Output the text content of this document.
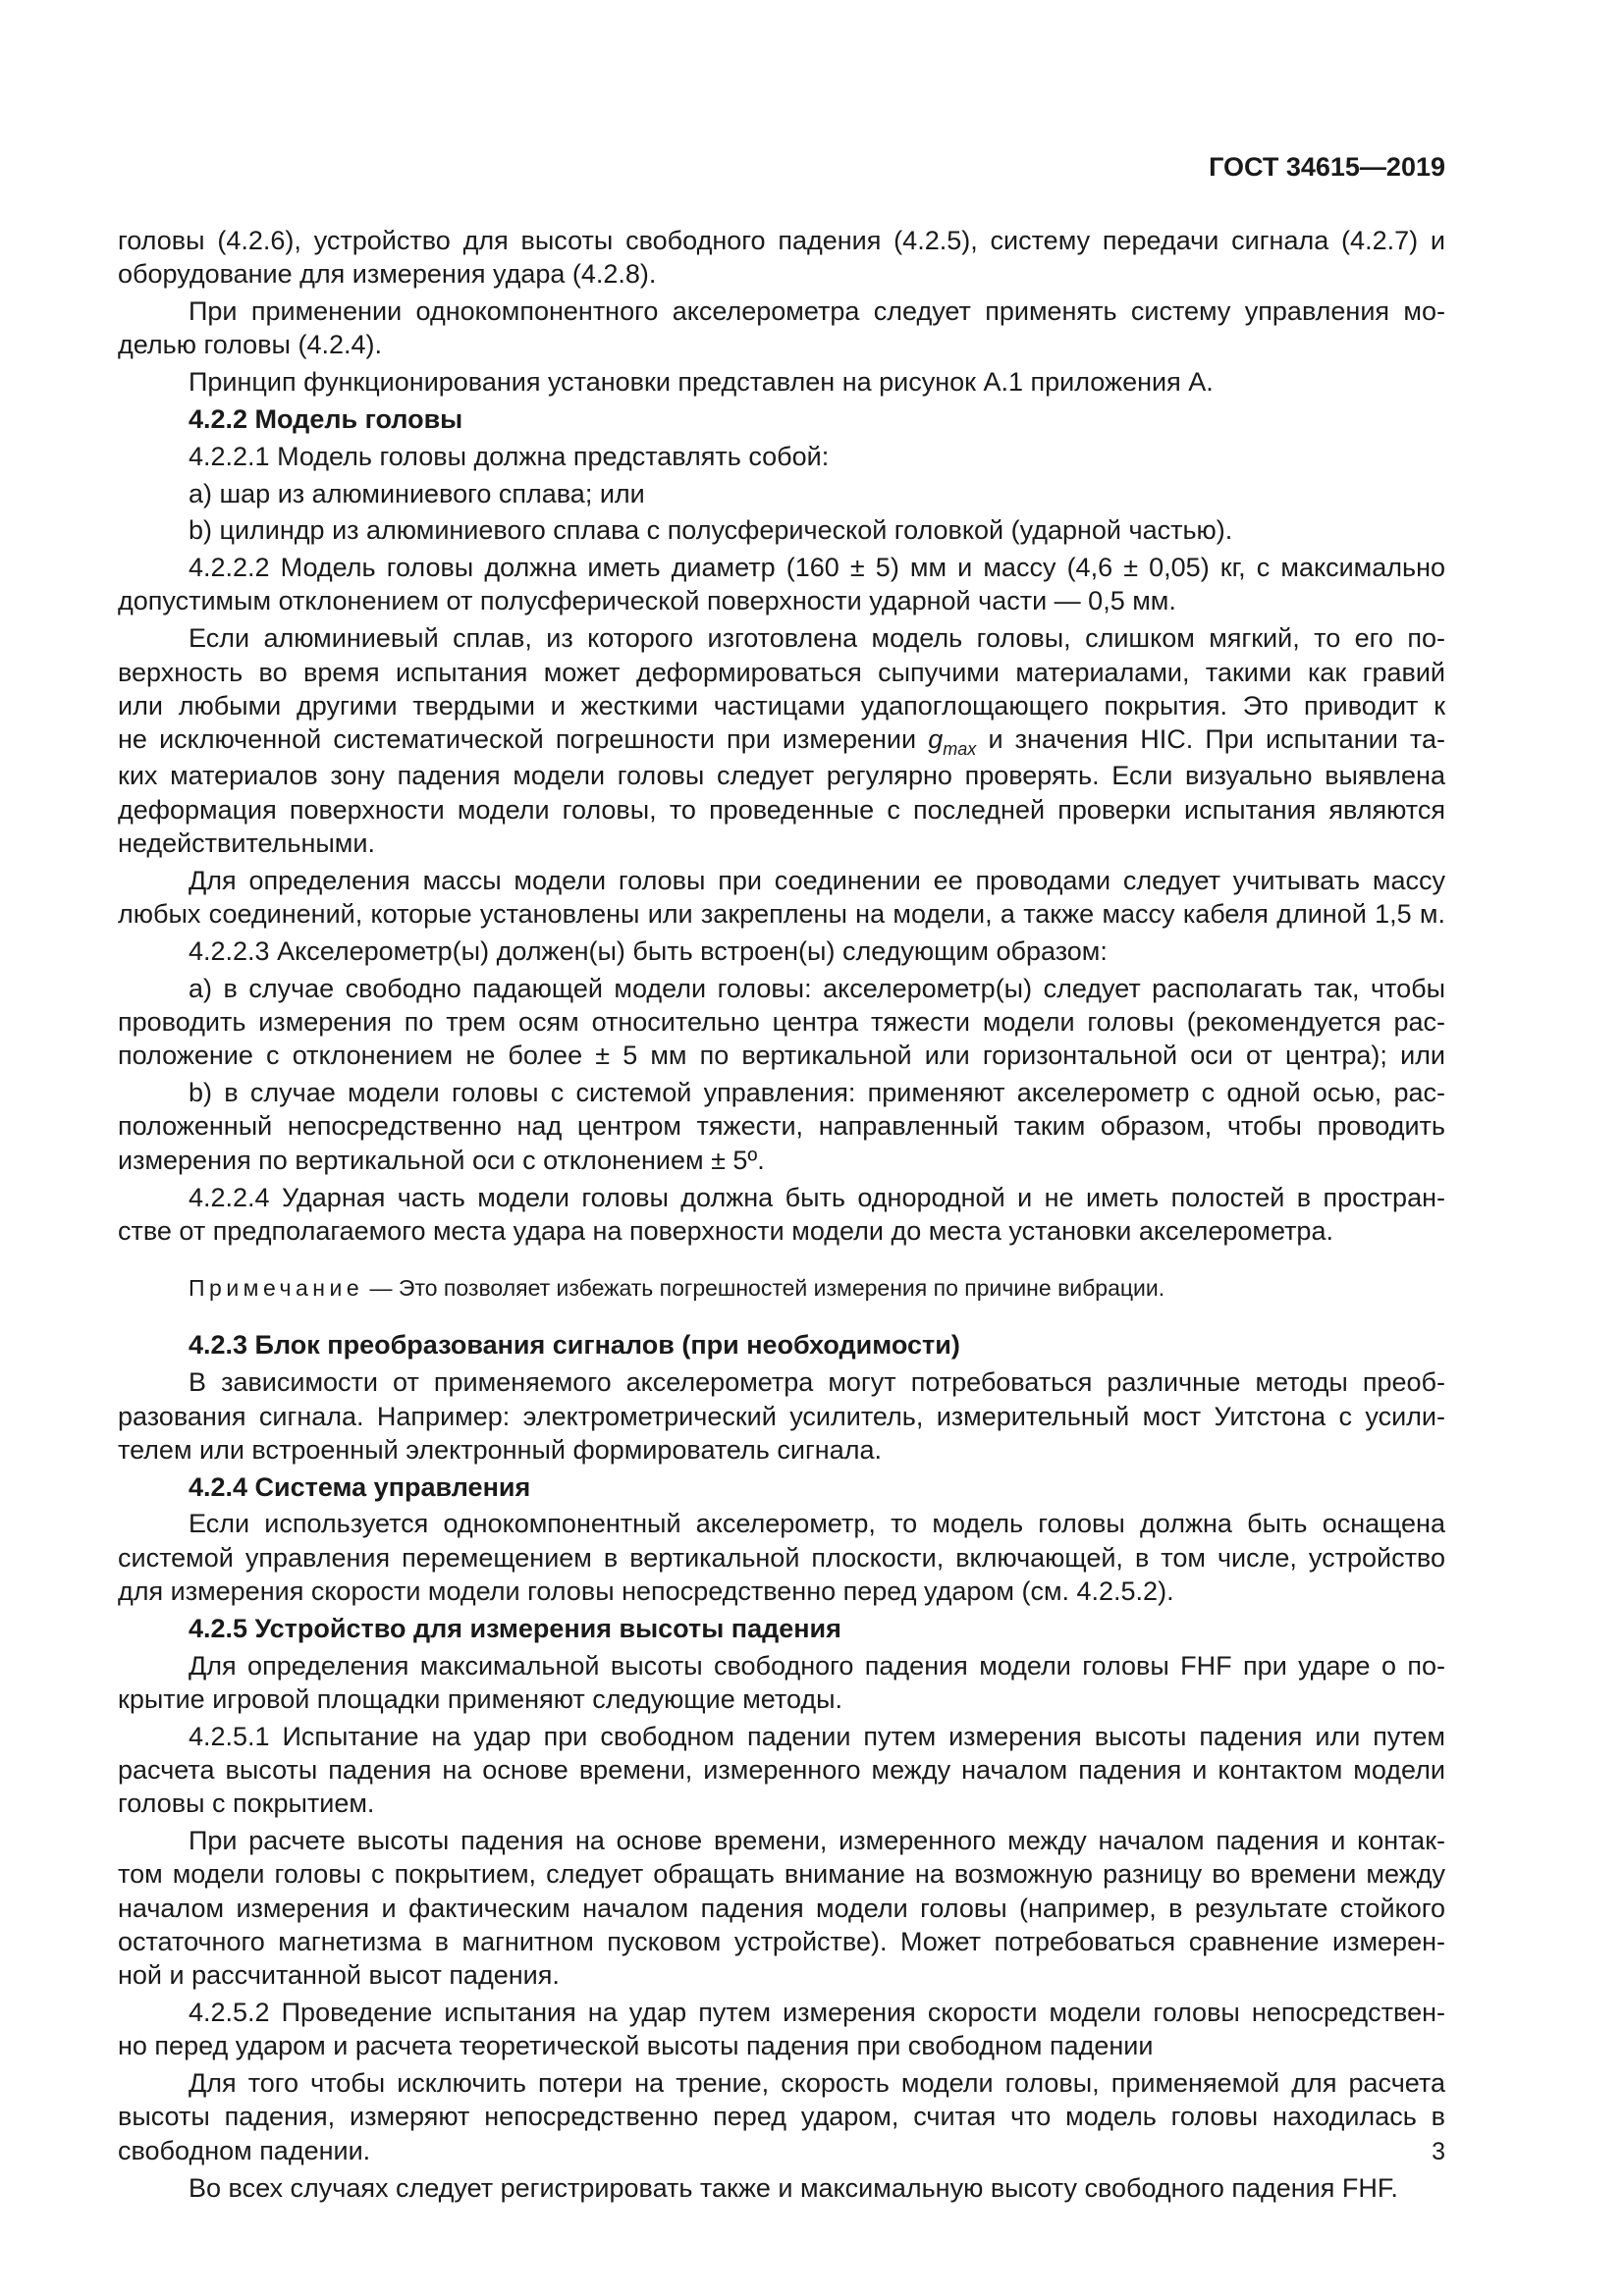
ГОСТ 34615—2019
головы (4.2.6), устройство для высоты свободного падения (4.2.5), систему передачи сигнала (4.2.7) и
оборудование для измерения удара (4.2.8).
При применении однокомпонентного акселерометра следует применять систему управления мо-
делью головы (4.2.4).
Принцип функционирования установки представлен на рисунок А.1 приложения А.
4.2.2 Модель головы
4.2.2.1 Модель головы должна представлять собой:
а) шар из алюминиевого сплава; или
b) цилиндр из алюминиевого сплава с полусферической головкой (ударной частью).
4.2.2.2 Модель головы должна иметь диаметр (160 ± 5) мм и массу (4,6 ± 0,05) кг, с максимально
допустимым отклонением от полусферической поверхности ударной части — 0,5 мм.
Если алюминиевый сплав, из которого изготовлена модель головы, слишком мягкий, то его по-
верхность во время испытания может деформироваться сыпучими материалами, такими как гравий
или любыми другими твердыми и жесткими частицами удапоглощающего покрытия. Это приводит к
не исключенной систематической погрешности при измерении $g_{max}$ и значения HIC. При испытании та-
ких материалов зону падения модели головы следует регулярно проверять. Если визуально выявлена
деформация поверхности модели головы, то проведенные с последней проверки испытания являются
недействительными.
Для определения массы модели головы при соединении ее проводами следует учитывать массу
любых соединений, которые установлены или закреплены на модели, а также массу кабеля длиной 1,5 м.
4.2.2.3 Акселерометр(ы) должен(ы) быть встроен(ы) следующим образом:
а) в случае свободно падающей модели головы: акселерометр(ы) следует располагать так, чтобы
проводить измерения по трем осям относительно центра тяжести модели головы (рекомендуется рас-
положение с отклонением не более ± 5 мм по вертикальной или горизонтальной оси от центра); или
b) в случае модели головы с системой управления: применяют акселерометр с одной осью, рас-
положенный непосредственно над центром тяжести, направленный таким образом, чтобы проводить
измерения по вертикальной оси с отклонением ± 5º.
4.2.2.4 Ударная часть модели головы должна быть однородной и не иметь полостей в простран-
стве от предполагаемого места удара на поверхности модели до места установки акселерометра.
Примечание — Это позволяет избежать погрешностей измерения по причине вибрации.
4.2.3 Блок преобразования сигналов (при необходимости)
В зависимости от применяемого акселерометра могут потребоваться различные методы преоб-
разования сигнала. Например: электрометрический усилитель, измерительный мост Уитстона с усили-
телем или встроенный электронный формирователь сигнала.
4.2.4 Система управления
Если используется однокомпонентный акселерометр, то модель головы должна быть оснащена
системой управления перемещением в вертикальной плоскости, включающей, в том числе, устройство
для измерения скорости модели головы непосредственно перед ударом (см. 4.2.5.2).
4.2.5 Устройство для измерения высоты падения
Для определения максимальной высоты свободного падения модели головы FHF при ударе о по-
крытие игровой площадки применяют следующие методы.
4.2.5.1 Испытание на удар при свободном падении путем измерения высоты падения или путем
расчета высоты падения на основе времени, измеренного между началом падения и контактом модели
головы с покрытием.
При расчете высоты падения на основе времени, измеренного между началом падения и контак-
том модели головы с покрытием, следует обращать внимание на возможную разницу во времени между
началом измерения и фактическим началом падения модели головы (например, в результате стойкого
остаточного магнетизма в магнитном пусковом устройстве). Может потребоваться сравнение измерен-
ной и рассчитанной высот падения.
4.2.5.2 Проведение испытания на удар путем измерения скорости модели головы непосредствен-
но перед ударом и расчета теоретической высоты падения при свободном падении
Для того чтобы исключить потери на трение, скорость модели головы, применяемой для расчета
высоты падения, измеряют непосредственно перед ударом, считая что модель головы находилась в
свободном падении.
Во всех случаях следует регистрировать также и максимальную высоту свободного падения FHF.
3
